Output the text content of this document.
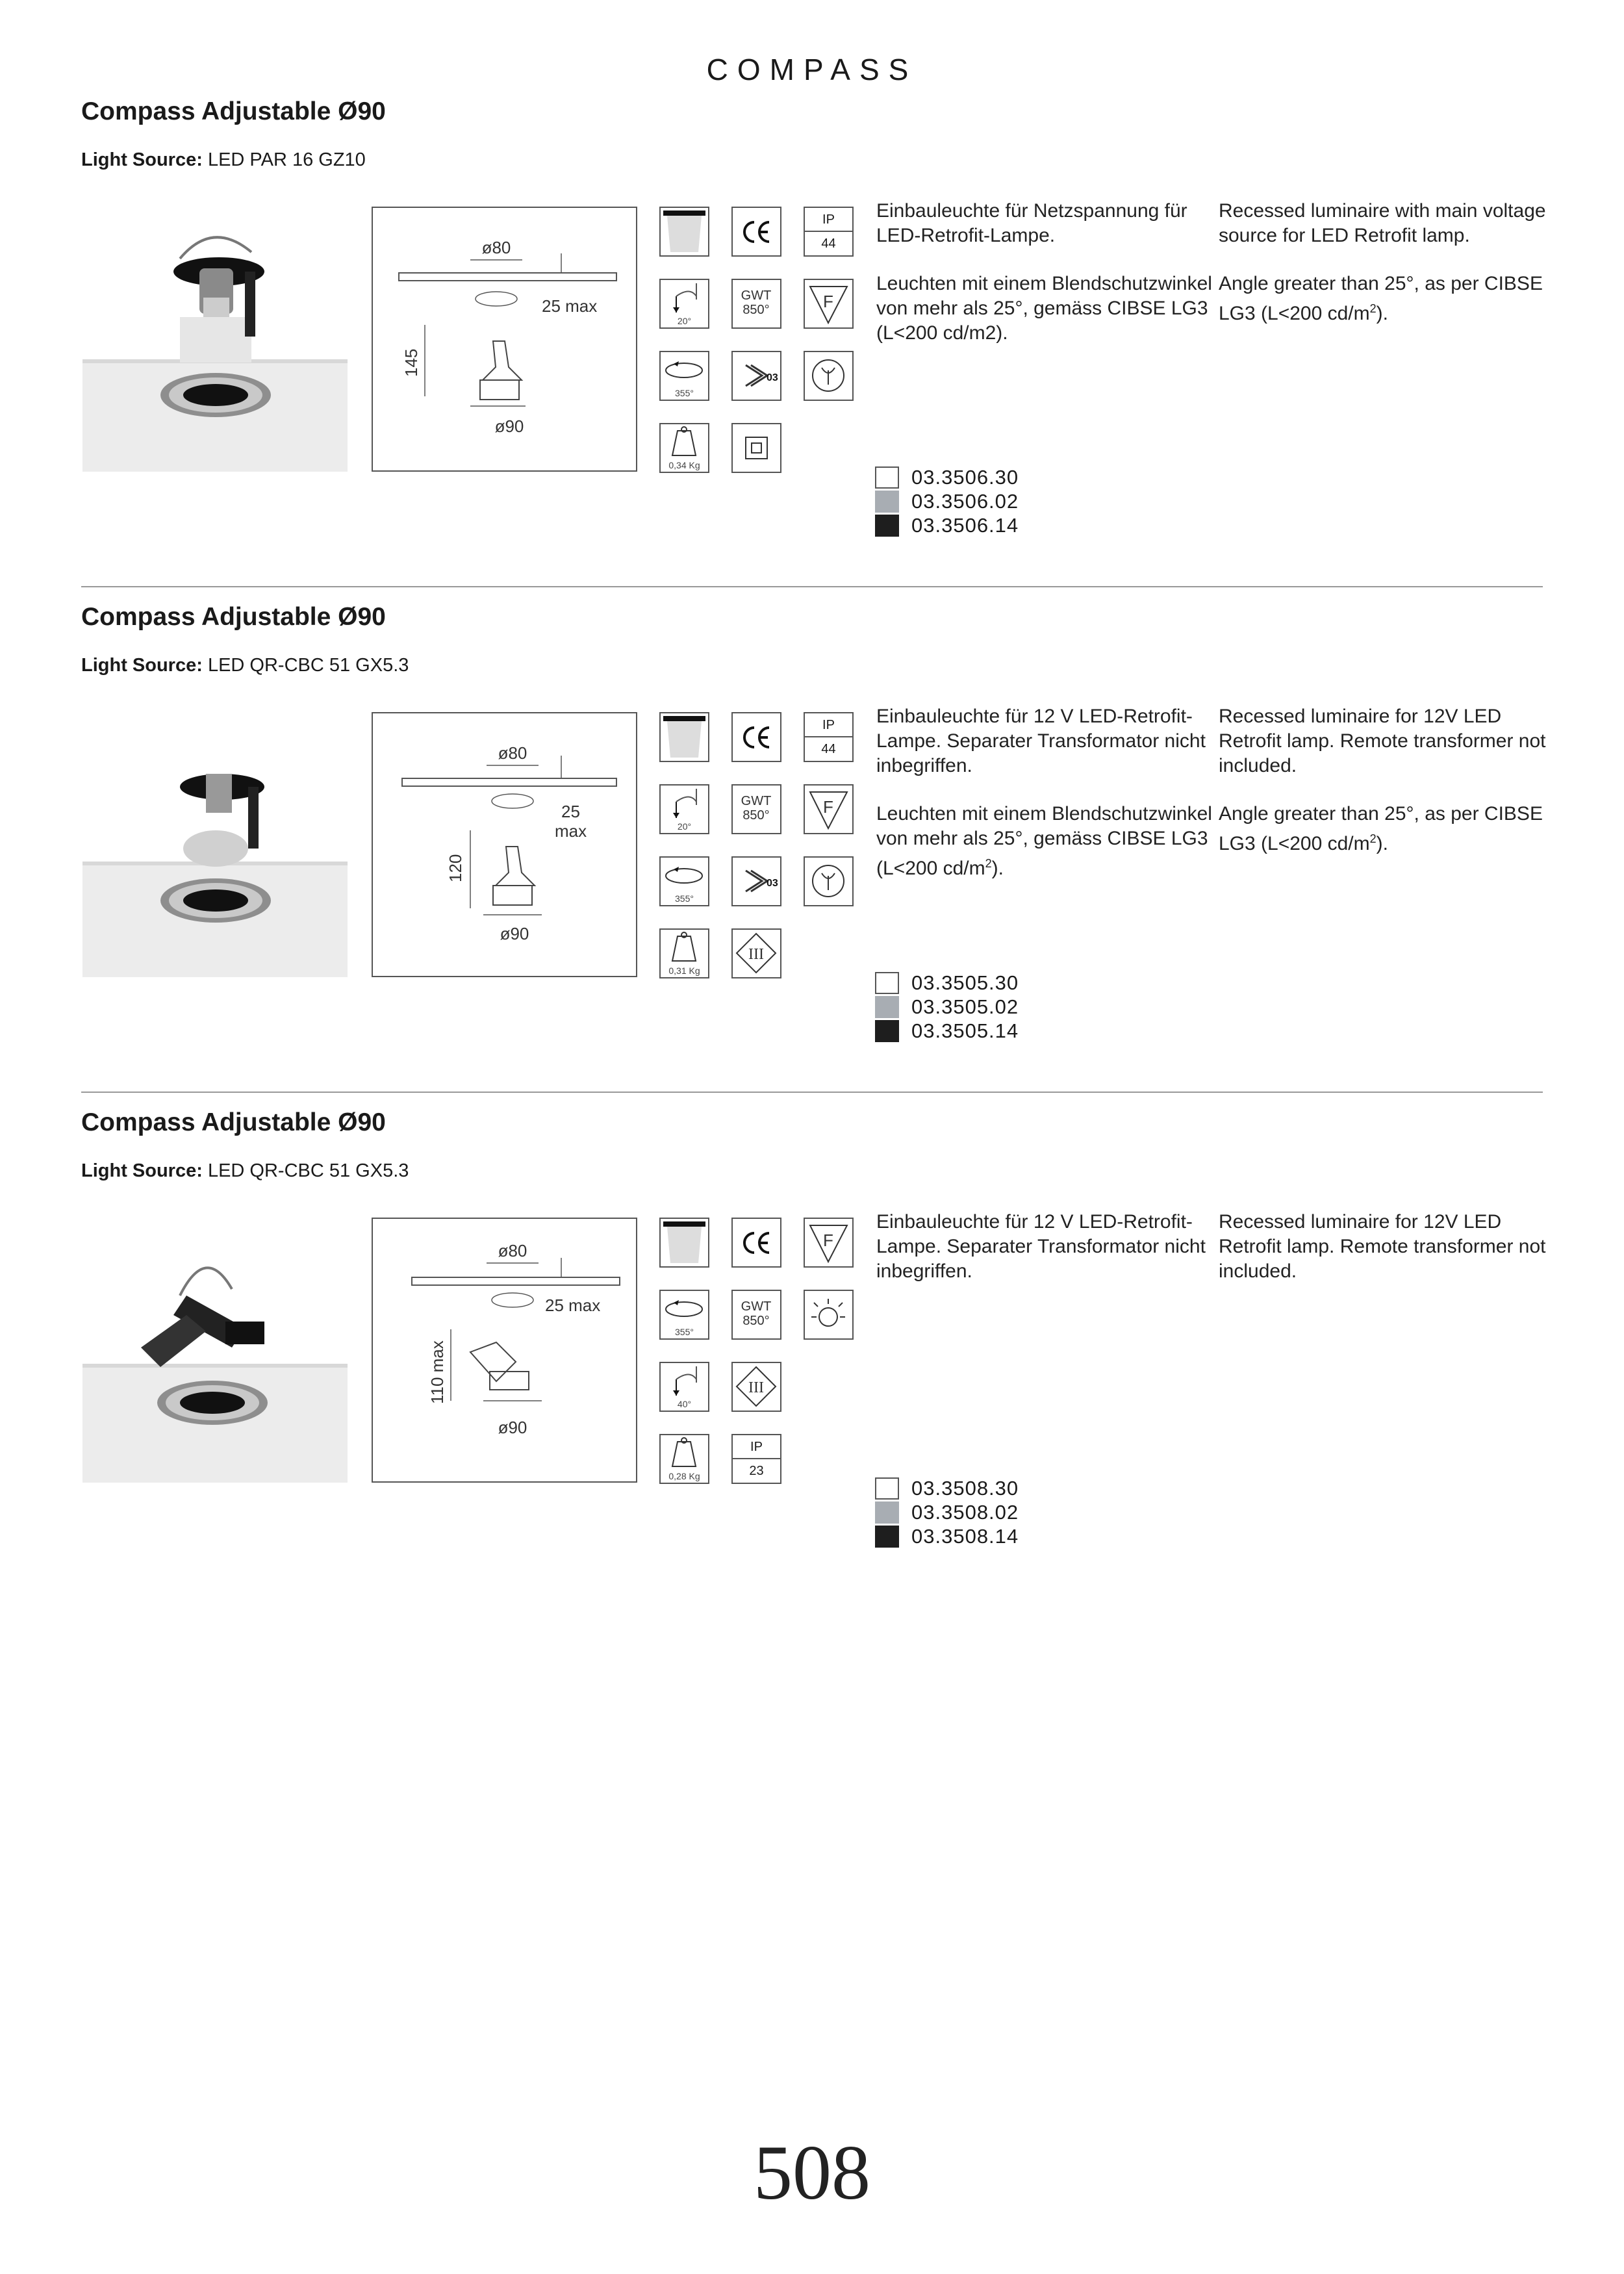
COMPASS
Compass Adjustable Ø90
Light Source: LED PAR 16 GZ10
ø80
25 max
145
ø90
20°
355°
0,34 Kg
GWT
850°
03
IP
44
F
Einbauleuchte für Netzspannung für LED-Retrofit-Lampe.
Recessed luminaire with main voltage source for LED Retrofit lamp.
Leuchten mit einem Blendschutzwinkel von mehr als 25°, gemäss CIBSE LG3 (L<200 cd/m2).
Angle greater than 25°, as per CIBSE LG3 (L<200 $cd/m^2$).
03.3506.30
03.3506.02
03.3506.14
Compass Adjustable Ø90
Light Source: LED QR-CBC 51 GX5.3
ø80
25
max
120
ø90
20°
355°
0,31 Kg
GWT
850°
03
III
IP
44
F
Einbauleuchte für 12 V LED-Retrofit-Lampe. Separater Transformator nicht inbegriffen.
Recessed luminaire for 12V LED Retrofit lamp. Remote transformer not included.
Leuchten mit einem Blendschutzwinkel von mehr als 25°, gemäss CIBSE LG3 (L<200 $cd/m^2$).
Angle greater than 25°, as per CIBSE LG3 (L<200 $cd/m^2$).
03.3505.30
03.3505.02
03.3505.14
Compass Adjustable Ø90
Light Source: LED QR-CBC 51 GX5.3
ø80
25 max
110 max
ø90
355°
40°
0,28 Kg
GWT
850°
III
IP
23
F
Einbauleuchte für 12 V LED-Retrofit-Lampe. Separater Transformator nicht inbegriffen.
Recessed luminaire for 12V LED Retrofit lamp. Remote transformer not included.
03.3508.30
03.3508.02
03.3508.14
508
